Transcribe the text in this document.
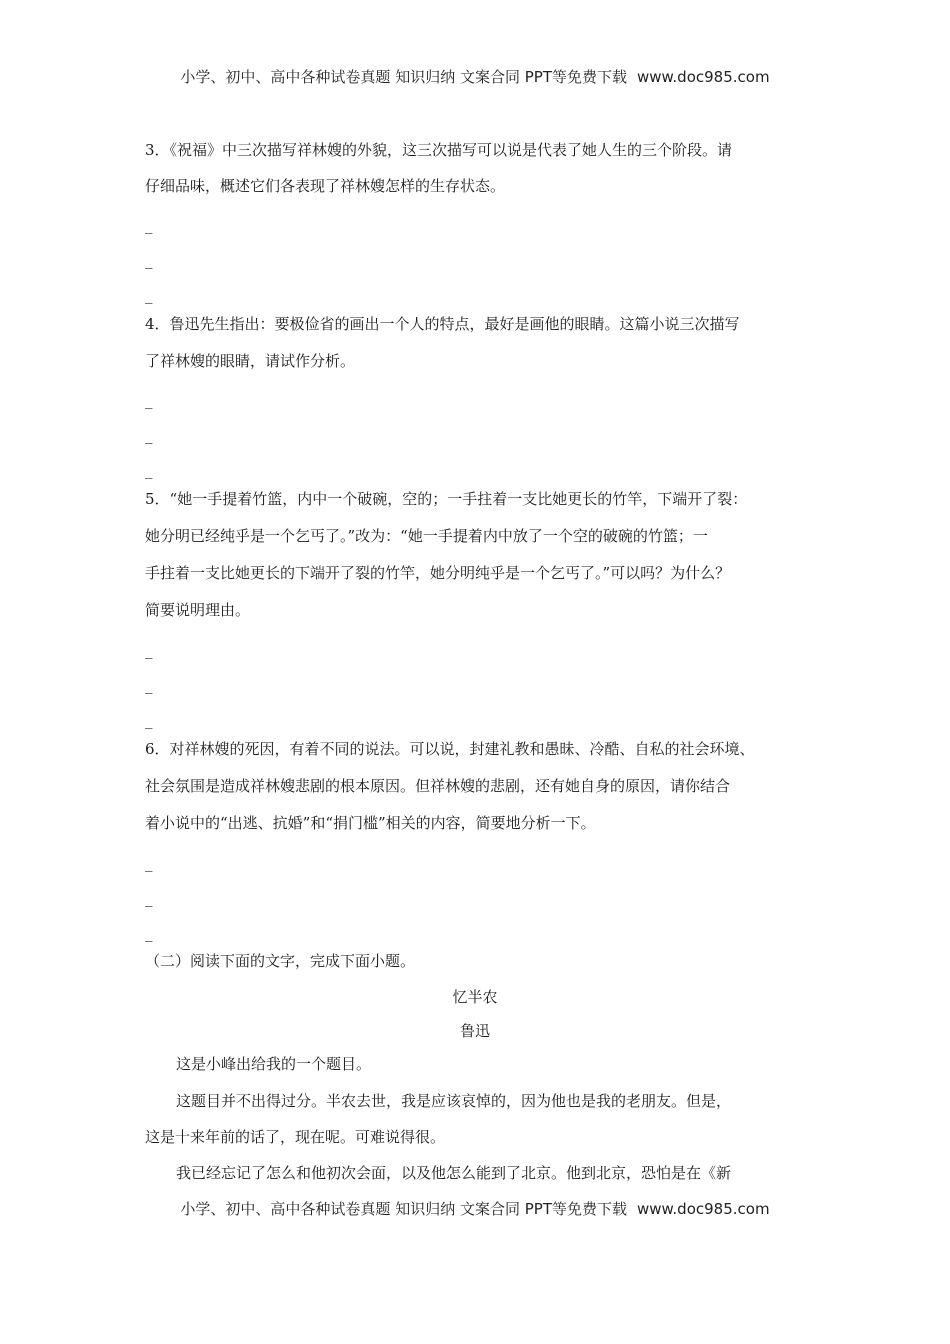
小学、初中、高中各种试卷真题 知识归纳 文案合同 PPT等免费下载 www.doc985.com
3．《祝福》中三次描写祥林嫂的外貌，这三次描写可以说是代表了她人生的三个阶段。请
仔细品味，概述它们各表现了祥林嫂怎样的生存状态。
_
_
_
4．鲁迅先生指出：要极俭省的画出一个人的特点，最好是画他的眼睛。这篇小说三次描写
了祥林嫂的眼睛，请试作分析。
_
_
_
5．“她一手提着竹篮，内中一个破碗，空的；一手拄着一支比她更长的竹竿，下端开了裂：
她分明已经纯乎是一个乞丐了。”改为：“她一手提着内中放了一个空的破碗的竹篮；一
手拄着一支比她更长的下端开了裂的竹竿，她分明纯乎是一个乞丐了。”可以吗？为什么？
简要说明理由。
_
_
_
6．对祥林嫂的死因，有着不同的说法。可以说，封建礼教和愚昧、冷酷、自私的社会环境、
社会氛围是造成祥林嫂悲剧的根本原因。但祥林嫂的悲剧，还有她自身的原因，请你结合
着小说中的“出逃、抗婚”和“捐门槛”相关的内容，简要地分析一下。
_
_
_
（二）阅读下面的文字，完成下面小题。
忆半农
鲁迅
这是小峰出给我的一个题目。
这题目并不出得过分。半农去世，我是应该哀悼的，因为他也是我的老朋友。但是，
这是十来年前的话了，现在呢。可难说得很。
我已经忘记了怎么和他初次会面，以及他怎么能到了北京。他到北京，恐怕是在《新
小学、初中、高中各种试卷真题 知识归纳 文案合同 PPT等免费下载 www.doc985.com
